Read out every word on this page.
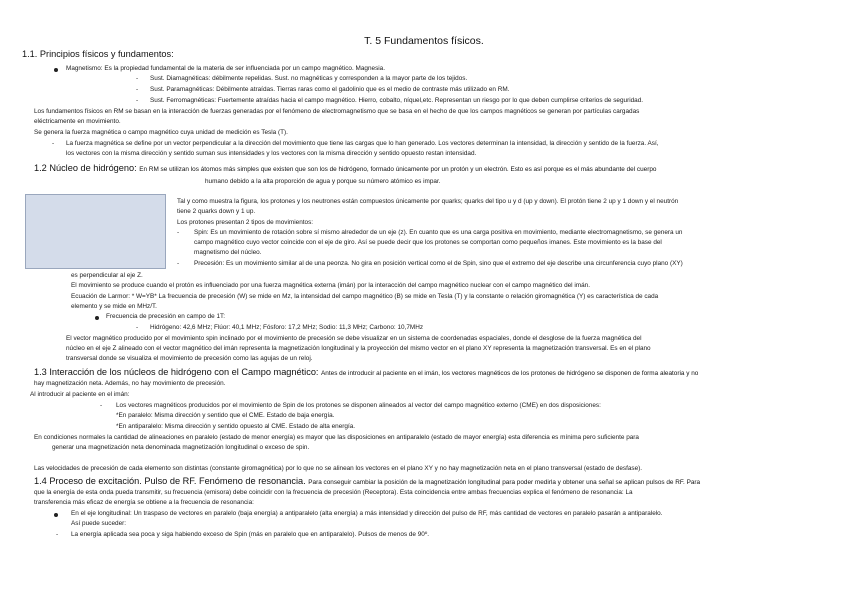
T. 5 Fundamentos físicos.
1.1. Principios físicos y fundamentos:
Magnetismo: Es la propiedad fundamental de la materia de ser influenciada por un campo magnético. Magnesia.
- Sust. Diamagnéticas: débilmente repelidas. Sust. no magnéticas y corresponden a la mayor parte de los tejidos.
- Sust. Paramagnéticas: Débilmente atraídas. Tierras raras como el gadolinio que es el medio de contraste más utilizado en RM.
- Sust. Ferromagnéticas: Fuertemente atraídas hacia el campo magnético. Hierro, cobalto, níquel,etc. Representan un riesgo por lo que deben cumplirse criterios de seguridad.
Los fundamentos físicos en RM se basan en la interacción de fuerzas generadas por el fenómeno de electromagnetismo que se basa en el hecho de que los campos magnéticos se generan por partículas cargadas
eléctricamente en movimiento.
Se genera la fuerza magnética o campo magnético cuya unidad de medición es Tesla (T).
- La fuerza magnética se define por un vector perpendicular a la dirección del movimiento que tiene las cargas que lo han generado. Los vectores determinan la intensidad, la dirección y sentido de la fuerza. Así,
los vectores con la misma dirección y sentido suman sus intensidades y los vectores con la misma dirección y sentido opuesto restan intensidad.
1.2 Núcleo de hidrógeno: En RM se utilizan los átomos más simples que existen que son los de hidrógeno, formado únicamente por un protón y un electrón. Esto es así porque es el más abundante del cuerpo
humano debido a la alta proporción de agua y porque su número atómico es impar.
Tal y como muestra la figura, los protones y los neutrones están compuestos únicamente por quarks; quarks del tipo u y d (up y down). El protón tiene 2 up y 1 down y el neutrón
tiene 2 quarks down y 1 up.
Los protones presentan 2 tipos de movimientos:
- Spin: Es un movimiento de rotación sobre sí mismo alrededor de un eje (z). En cuanto que es una carga positiva en movimiento, mediante electromagnetismo, se genera un
campo magnético cuyo vector coincide con el eje de giro. Así se puede decir que los protones se comportan como pequeños imanes. Este movimiento es la base del
magnetismo del núcleo.
- Precesión: Es un movimiento similar al de una peonza. No gira en posición vertical como el de Spin, sino que el extremo del eje describe una circunferencia cuyo plano (XY)
es perpendicular al eje Z.
El movimiento se produce cuando el protón es influenciado por una fuerza magnética externa (imán) por la interacción del campo magnético nuclear con el campo magnético del imán.
Ecuación de Larmor: * W=YB* La frecuencia de precesión (W) se mide en Mz, la intensidad del campo magnético (B) se mide en Tesla (T) y la constante o relación giromagnética (Y) es característica de cada
elemento y se mide en MHz/T.
Frecuencia de precesión en campo de 1T:
- Hidrógeno: 42,6 MHz; Flúor: 40,1 MHz; Fósforo: 17,2 MHz; Sodio: 11,3 MHz; Carbono: 10,7MHz
El vector magnético producido por el movimiento spin inclinado por el movimiento de precesión se debe visualizar en un sistema de coordenadas espaciales, donde el desglose de la fuerza magnética del
núcleo en el eje Z alineado con el vector magnético del imán representa la magnetización longitudinal y la proyección del mismo vector en el plano XY representa la magnetización transversal. Es en el plano
transversal donde se visualiza el movimiento de precesión como las agujas de un reloj.
1.3 Interacción de los núcleos de hidrógeno con el Campo magnético: Antes de introducir al paciente en el imán, los vectores magnéticos de los protones de hidrógeno se disponen de forma aleatoria y no
hay magnetización neta. Además, no hay movimiento de precesión.
Al introducir al paciente en el imán:
- Los vectores magnéticos producidos por el movimiento de Spin de los protones se disponen alineados al vector del campo magnético externo (CME) en dos disposiciones:
*En paralelo: Misma dirección y sentido que el CME. Estado de baja energía.
*En antiparalelo: Misma dirección y sentido opuesto al CME. Estado de alta energía.
En condiciones normales la cantidad de alineaciones en paralelo (estado de menor energía) es mayor que las disposiciones en antiparalelo (estado de mayor energía) esta diferencia es mínima pero suficiente para
generar una magnetización neta denominada magnetización longitudinal o exceso de spin.
Las velocidades de precesión de cada elemento son distintas (constante giromagnética) por lo que no se alinean los vectores en el plano XY y no hay magnetización neta en el plano transversal (estado de desfase).
1.4 Proceso de excitación. Pulso de RF. Fenómeno de resonancia. Para conseguir cambiar la posición de la magnetización longitudinal para poder medirla y obtener una señal se aplican pulsos de RF. Para
que la energía de esta onda pueda transmitir, su frecuencia (emisora) debe coincidir con la frecuencia de precesión (Receptora). Esta coincidencia entre ambas frecuencias explica el fenómeno de resonancia: La
transferencia más eficaz de energía se obtiene a la frecuencia de resonancia:
En el eje longitudinal: Un traspaso de vectores en paralelo (baja energía) a antiparalelo (alta energía) a más intensidad y dirección del pulso de RF, más cantidad de vectores en paralelo pasarán a antiparalelo.
Así puede suceder:
- La energía aplicada sea poca y siga habiendo exceso de Spin (más en paralelo que en antiparalelo). Pulsos de menos de 90º.
